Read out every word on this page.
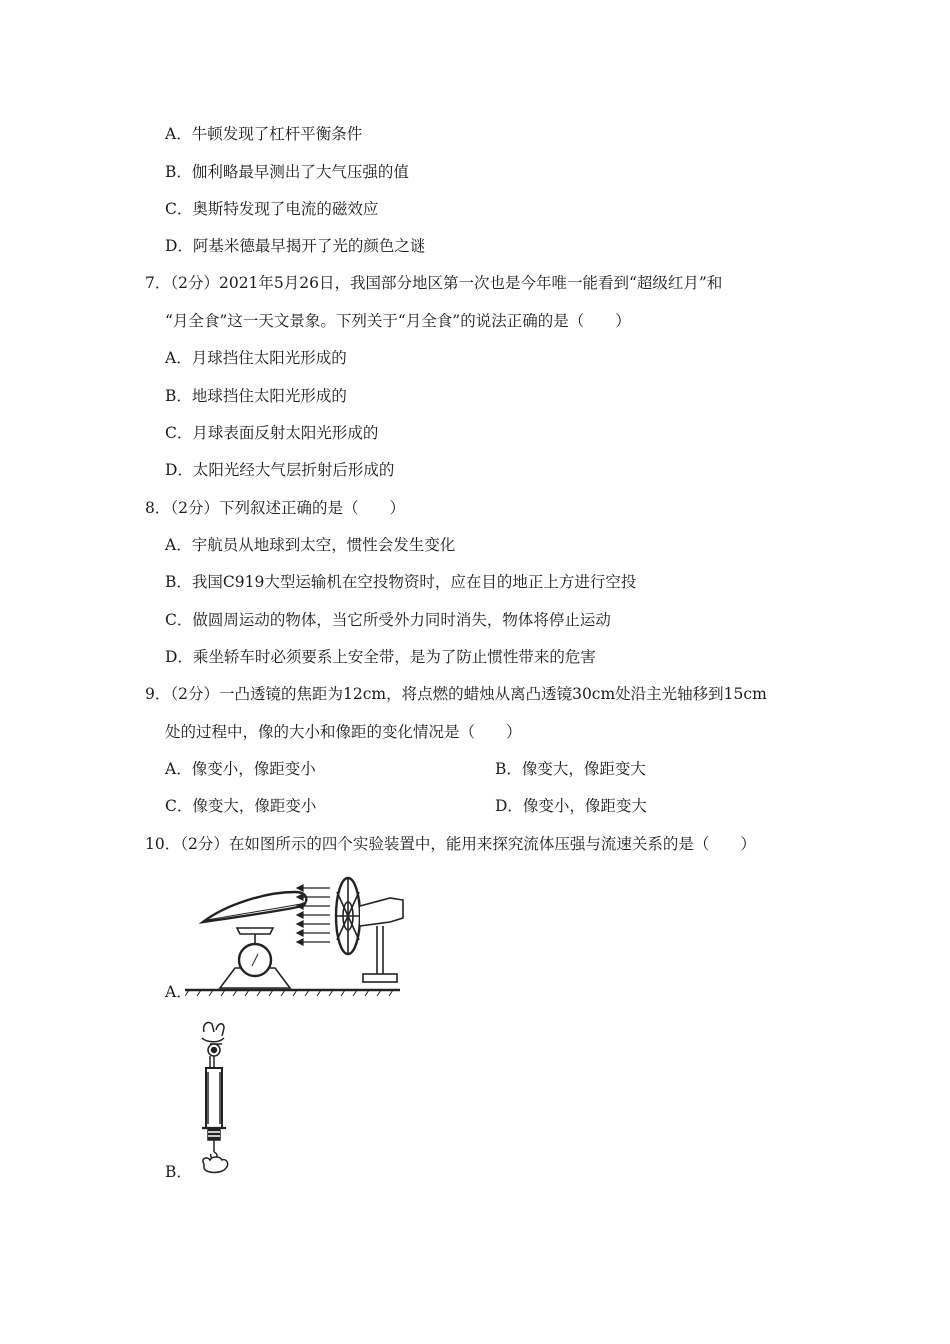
A．牛顿发现了杠杆平衡条件
B．伽利略最早测出了大气压强的值
C．奥斯特发现了电流的磁效应
D．阿基米德最早揭开了光的颜色之谜
7．（2分）2021年5月26日，我国部分地区第一次也是今年唯一能看到“超级红月”和
“月全食”这一天文景象。下列关于“月全食”的说法正确的是（　　）
A．月球挡住太阳光形成的
B．地球挡住太阳光形成的
C．月球表面反射太阳光形成的
D．太阳光经大气层折射后形成的
8．（2分）下列叙述正确的是（　　）
A．宇航员从地球到太空，惯性会发生变化
B．我国C919大型运输机在空投物资时，应在目的地正上方进行空投
C．做圆周运动的物体，当它所受外力同时消失，物体将停止运动
D．乘坐轿车时必须要系上安全带，是为了防止惯性带来的危害
9．（2分）一凸透镜的焦距为12cm，将点燃的蜡烛从离凸透镜30cm处沿主光轴移到15cm
处的过程中，像的大小和像距的变化情况是（　　）
A．像变小，像距变小	B．像变大，像距变大
C．像变大，像距变小	D．像变小，像距变大
10．（2分）在如图所示的四个实验装置中，能用来探究流体压强与流速关系的是（　　）
A．
B．
